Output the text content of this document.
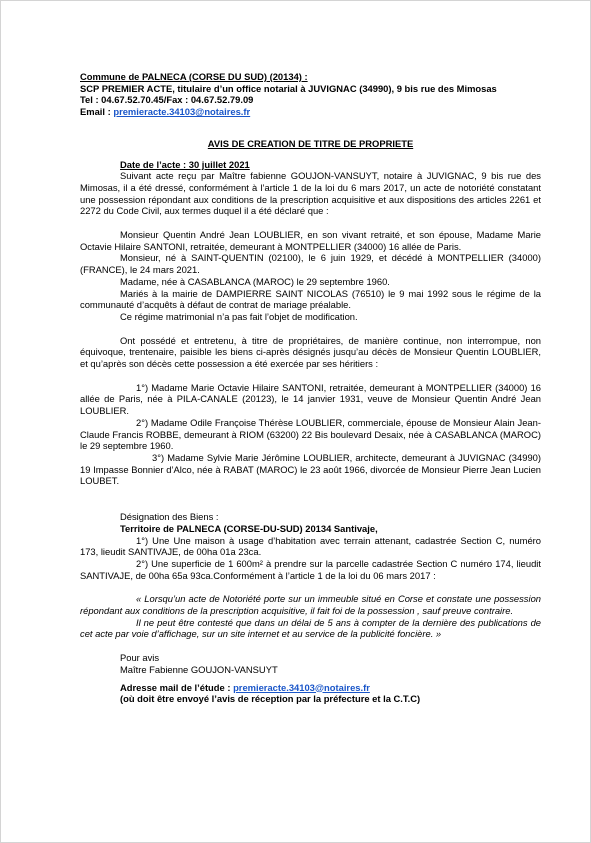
Commune de PALNECA (CORSE DU SUD) (20134) :
SCP PREMIER ACTE, titulaire d’un office notarial à JUVIGNAC (34990), 9 bis rue des Mimosas
Tel : 04.67.52.70.45/Fax : 04.67.52.79.09
Email : premieracte.34103@notaires.fr
AVIS DE CREATION DE TITRE DE PROPRIETE

Date de l’acte : 30 juillet 2021

Suivant acte reçu par Maître fabienne GOUJON-VANSUYT, notaire à JUVIGNAC, 9 bis rue des Mimosas, il a été dressé, conformément à l’article 1 de la loi du 6 mars 2017, un acte de notoriété constatant une possession répondant aux conditions de la prescription acquisitive et aux dispositions des articles 2261 et 2272 du Code Civil, aux termes duquel il a été déclaré que :

Monsieur Quentin André Jean LOUBLIER, en son vivant retraité, et son épouse, Madame Marie Octavie Hilaire SANTONI, retraitée, demeurant à MONTPELLIER (34000) 16 allée de Paris.

Monsieur, né à SAINT-QUENTIN (02100), le 6 juin 1929, et décédé à MONTPELLIER (34000) (FRANCE), le 24 mars 2021.

Madame, née à CASABLANCA (MAROC) le 29 septembre 1960.

Mariés à la mairie de DAMPIERRE SAINT NICOLAS (76510) le 9 mai 1992 sous le régime de la communauté d’acquêts à défaut de contrat de mariage préalable.

Ce régime matrimonial n’a pas fait l’objet de modification.

Ont possédé et entretenu, à titre de propriétaires, de manière continue, non interrompue, non équivoque, trentenaire, paisible les biens ci-après désignés jusqu’au décès de Monsieur Quentin LOUBLIER, et qu’après son décès cette possession a été exercée par ses héritiers :

1°) Madame Marie Octavie Hilaire SANTONI, retraitée, demeurant à MONTPELLIER (34000) 16 allée de Paris, née à PILA-CANALE (20123), le 14 janvier 1931, veuve de Monsieur Quentin André Jean LOUBLIER.

2°) Madame Odile Françoise Thérèse LOUBLIER, commerciale, épouse de Monsieur Alain Jean-Claude Francis ROBBE, demeurant à RIOM (63200) 22 Bis boulevard Desaix, née à CASABLANCA (MAROC) le 29 septembre 1960.

3°) Madame Sylvie Marie Jérômine LOUBLIER, architecte, demeurant à JUVIGNAC (34990) 19 Impasse Bonnier d’Alco, née à RABAT (MAROC) le 23 août 1966, divorcée de Monsieur Pierre Jean Lucien LOUBET.

Désignation des Biens :

Territoire de PALNECA (CORSE-DU-SUD) 20134 Santivaje,

1°) Une Une maison à usage d’habitation avec terrain attenant, cadastrée Section C, numéro 173, lieudit SANTIVAJE, de 00ha 01a 23ca.

2°) Une superficie de 1 600m² à prendre sur la parcelle cadastrée Section C numéro 174, lieudit SANTIVAJE, de 00ha 65a 93ca.Conformément à l’article 1 de la loi du 06 mars 2017 :

« Lorsqu’un acte de Notoriété porte sur un immeuble situé en Corse et constate une possession répondant aux conditions de la prescription acquisitive, il fait foi de la possession , sauf preuve contraire.

Il ne peut être contesté que dans un délai de 5 ans à compter de la dernière des publications de cet acte par voie d’affichage, sur un site internet et au service de la publicité foncière. »

Pour avis

Maître Fabienne GOUJON-VANSUYT

Adresse mail de l’étude : premieracte.34103@notaires.fr

(où doit être envoyé l’avis de réception par la préfecture et la C.T.C)
